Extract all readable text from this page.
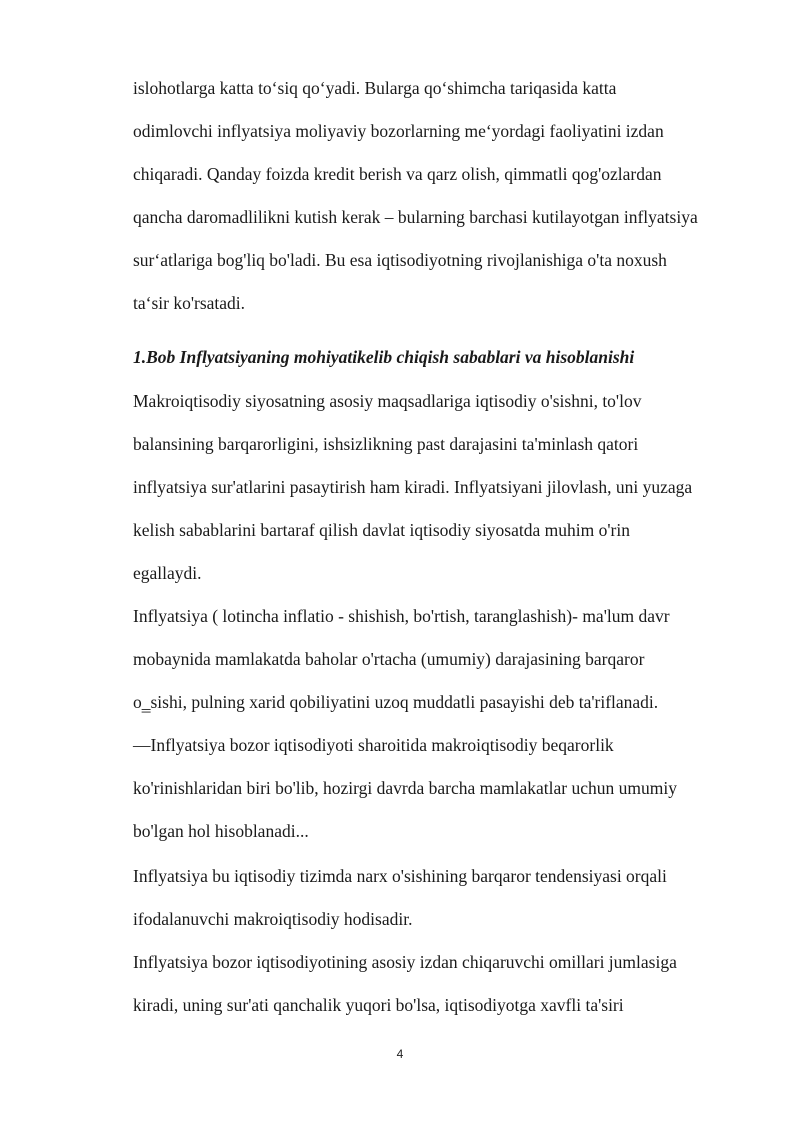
islohotlarga katta to‘siq qo‘yadi. Bularga qo‘shimcha tariqasida katta
odimlovchi inflyatsiya moliyaviy bozorlarning me‘yordagi faoliyatini izdan
chiqaradi. Qanday foizda kredit berish va qarz olish, qimmatli qog'ozlardan
qancha daromadlilikni kutish kerak – bularning barchasi kutilayotgan inflyatsiya
sur‘atlariga bog'liq bo'ladi. Bu esa iqtisodiyotning rivojlanishiga o'ta noxush
ta‘sir ko'rsatadi.
1.Bob Inflyatsiyaning mohiyatikelib chiqish sabablari va hisoblanishi
Makroiqtisodiy siyosatning asosiy maqsadlariga iqtisodiy o'sishni, to'lov
balansining barqarorligini, ishsizlikning past darajasini ta'minlash qatori
inflyatsiya sur'atlarini pasaytirish ham kiradi. Inflyatsiyani jilovlash, uni yuzaga
kelish sabablarini bartaraf qilish davlat iqtisodiy siyosatda muhim o'rin
egallaydi.
Inflyatsiya ( lotincha inflatio - shishish, bo'rtish, taranglashish)- ma'lum davr
mobaynida mamlakatda baholar o'rtacha (umumiy) darajasining barqaror
o‗sishi, pulning xarid qobiliyatini uzoq muddatli pasayishi deb ta'riflanadi.
―Inflyatsiya bozor iqtisodiyoti sharoitida makroiqtisodiy beqarorlik
ko'rinishlaridan biri bo'lib, hozirgi davrda barcha mamlakatlar uchun umumiy
bo'lgan hol hisoblanadi...
Inflyatsiya bu iqtisodiy tizimda narx o'sishining barqaror tendensiyasi orqali
ifodalanuvchi makroiqtisodiy hodisadir.
Inflyatsiya bozor iqtisodiyotining asosiy izdan chiqaruvchi omillari jumlasiga
kiradi, uning sur'ati qanchalik yuqori bo'lsa, iqtisodiyotga xavfli ta'siri
4
